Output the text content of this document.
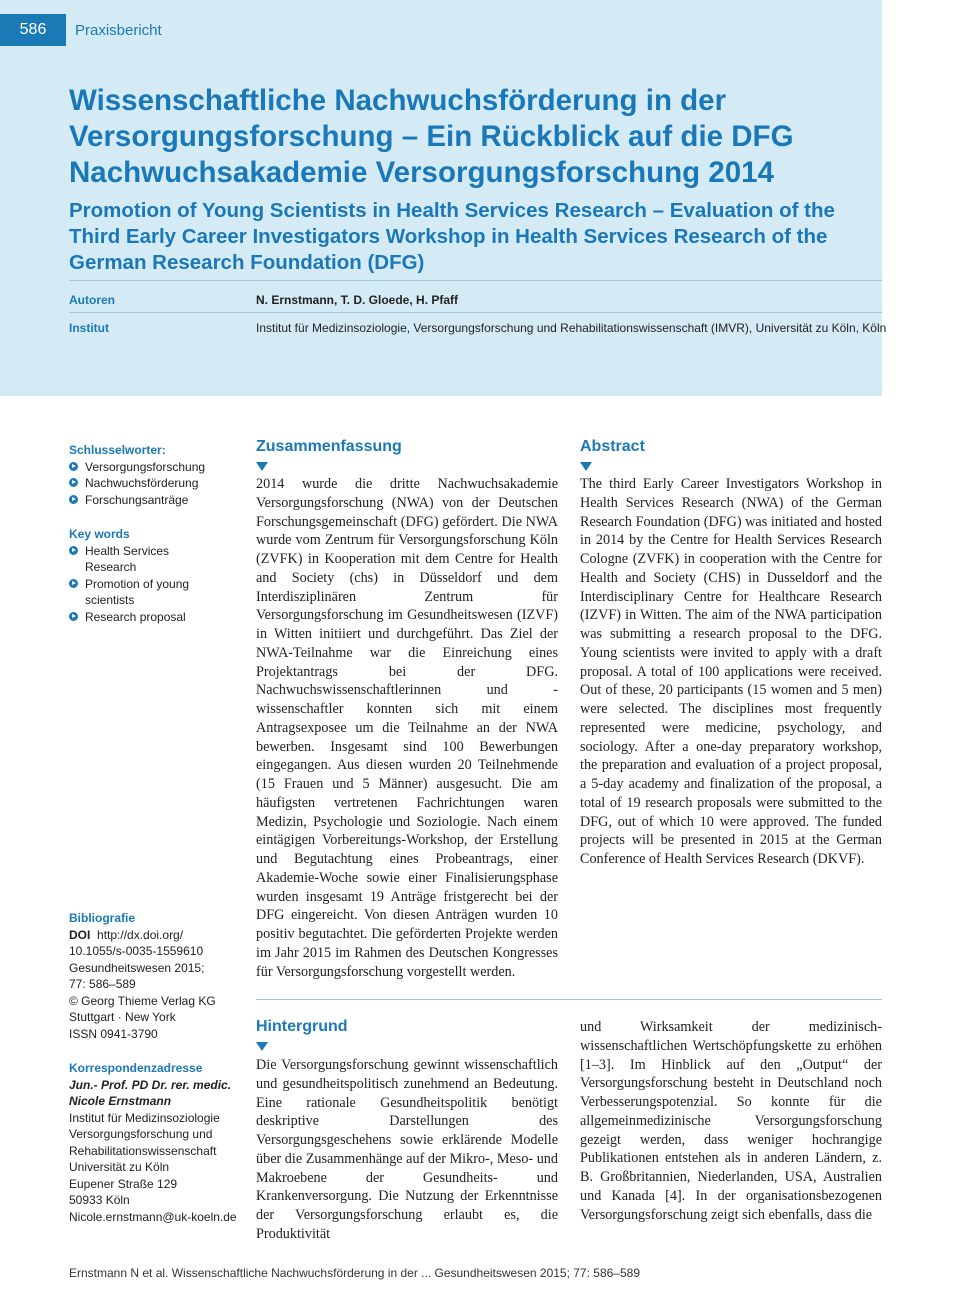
586	Praxisbericht
Wissenschaftliche Nachwuchsförderung in der Versorgungsforschung – Ein Rückblick auf die DFG Nachwuchsakademie Versorgungsforschung 2014
Promotion of Young Scientists in Health Services Research – Evaluation of the Third Early Career Investigators Workshop in Health Services Research of the German Research Foundation (DFG)
Autoren	N. Ernstmann, T. D. Gloede, H. Pfaff
Institut	Institut für Medizinsoziologie, Versorgungsforschung und Rehabilitationswissenschaft (IMVR), Universität zu Köln, Köln

Schlusselworter:

Versorgungsforschung
Nachwuchsförderung
Forschungsanträge

Key words

Health Services Research
Promotion of young scientists
Research proposal

Bibliografie

DOI http://dx.doi.org/

10.1055/s-0035-1559610

Gesundheitswesen 2015;

77: 586–589

© Georg Thieme Verlag KG

Stuttgart · New York

ISSN 0941-3790

Korrespondenzadresse

Jun.- Prof. PD Dr. rer. medic.

Nicole Ernstmann

Institut für Medizinsoziologie

Versorgungsforschung und

Rehabilitationswissenschaft

Universität zu Köln

Eupener Straße 129

50933 Köln

Nicole.ernstmann@uk-koeln.de

Zusammenfassung

2014 wurde die dritte Nachwuchsakademie Versorgungsforschung (NWA) von der Deutschen Forschungsgemeinschaft (DFG) gefördert. Die NWA wurde vom Zentrum für Versorgungsforschung Köln (ZVFK) in Kooperation mit dem Centre for Health and Society (chs) in Düsseldorf und dem Interdisziplinären Zentrum für Versorgungsforschung im Gesundheitswesen (IZVF) in Witten initiiert und durchgeführt. Das Ziel der NWA-Teilnahme war die Einreichung eines Projektantrags bei der DFG. Nachwuchswissenschaftlerinnen und -wissenschaftler konnten sich mit einem Antragsexposee um die Teilnahme an der NWA bewerben. Insgesamt sind 100 Bewerbungen eingegangen. Aus diesen wurden 20 Teilnehmende (15 Frauen und 5 Männer) ausgesucht. Die am häufigsten vertretenen Fachrichtungen waren Medizin, Psychologie und Soziologie. Nach einem eintägigen Vorbereitungs-Workshop, der Erstellung und Begutachtung eines Probeantrags, einer Akademie-Woche sowie einer Finalisierungsphase wurden insgesamt 19 Anträge fristgerecht bei der DFG eingereicht. Von diesen Anträgen wurden 10 positiv begutachtet. Die geförderten Projekte werden im Jahr 2015 im Rahmen des Deutschen Kongresses für Versorgungsforschung vorgestellt werden.

Abstract

The third Early Career Investigators Workshop in Health Services Research (NWA) of the German Research Foundation (DFG) was initiated and hosted in 2014 by the Centre for Health Services Research Cologne (ZVFK) in cooperation with the Centre for Health and Society (CHS) in Dusseldorf and the Interdisciplinary Centre for Healthcare Research (IZVF) in Witten. The aim of the NWA participation was submitting a research proposal to the DFG. Young scientists were invited to apply with a draft proposal. A total of 100 applications were received. Out of these, 20 participants (15 women and 5 men) were selected. The disciplines most frequently represented were medicine, psychology, and sociology. After a one-day preparatory workshop, the preparation and evaluation of a project proposal, a 5-day academy and finalization of the proposal, a total of 19 research proposals were submitted to the DFG, out of which 10 were approved. The funded projects will be presented in 2015 at the German Conference of Health Services Research (DKVF).

Hintergrund

Die Versorgungsforschung gewinnt wissenschaftlich und gesundheitspolitisch zunehmend an Bedeutung. Eine rationale Gesundheitspolitik benötigt deskriptive Darstellungen des Versorgungsgeschehens sowie erklärende Modelle über die Zusammenhänge auf der Mikro-, Meso- und Makroebene der Gesundheits- und Krankenversorgung. Die Nutzung der Erkenntnisse der Versorgungsforschung erlaubt es, die Produktivität

und Wirksamkeit der medizinisch-wissenschaftlichen Wertschöpfungskette zu erhöhen [1–3]. Im Hinblick auf den „Output“ der Versorgungsforschung besteht in Deutschland noch Verbesserungspotenzial. So konnte für die allgemeinmedizinische Versorgungsforschung gezeigt werden, dass weniger hochrangige Publikationen entstehen als in anderen Ländern, z. B. Großbritannien, Niederlanden, USA, Australien und Kanada [4]. In der organisationsbezogenen Versorgungsforschung zeigt sich ebenfalls, dass die

Ernstmann N et al. Wissenschaftliche Nachwuchsförderung in der ... Gesundheitswesen 2015; 77: 586–589
